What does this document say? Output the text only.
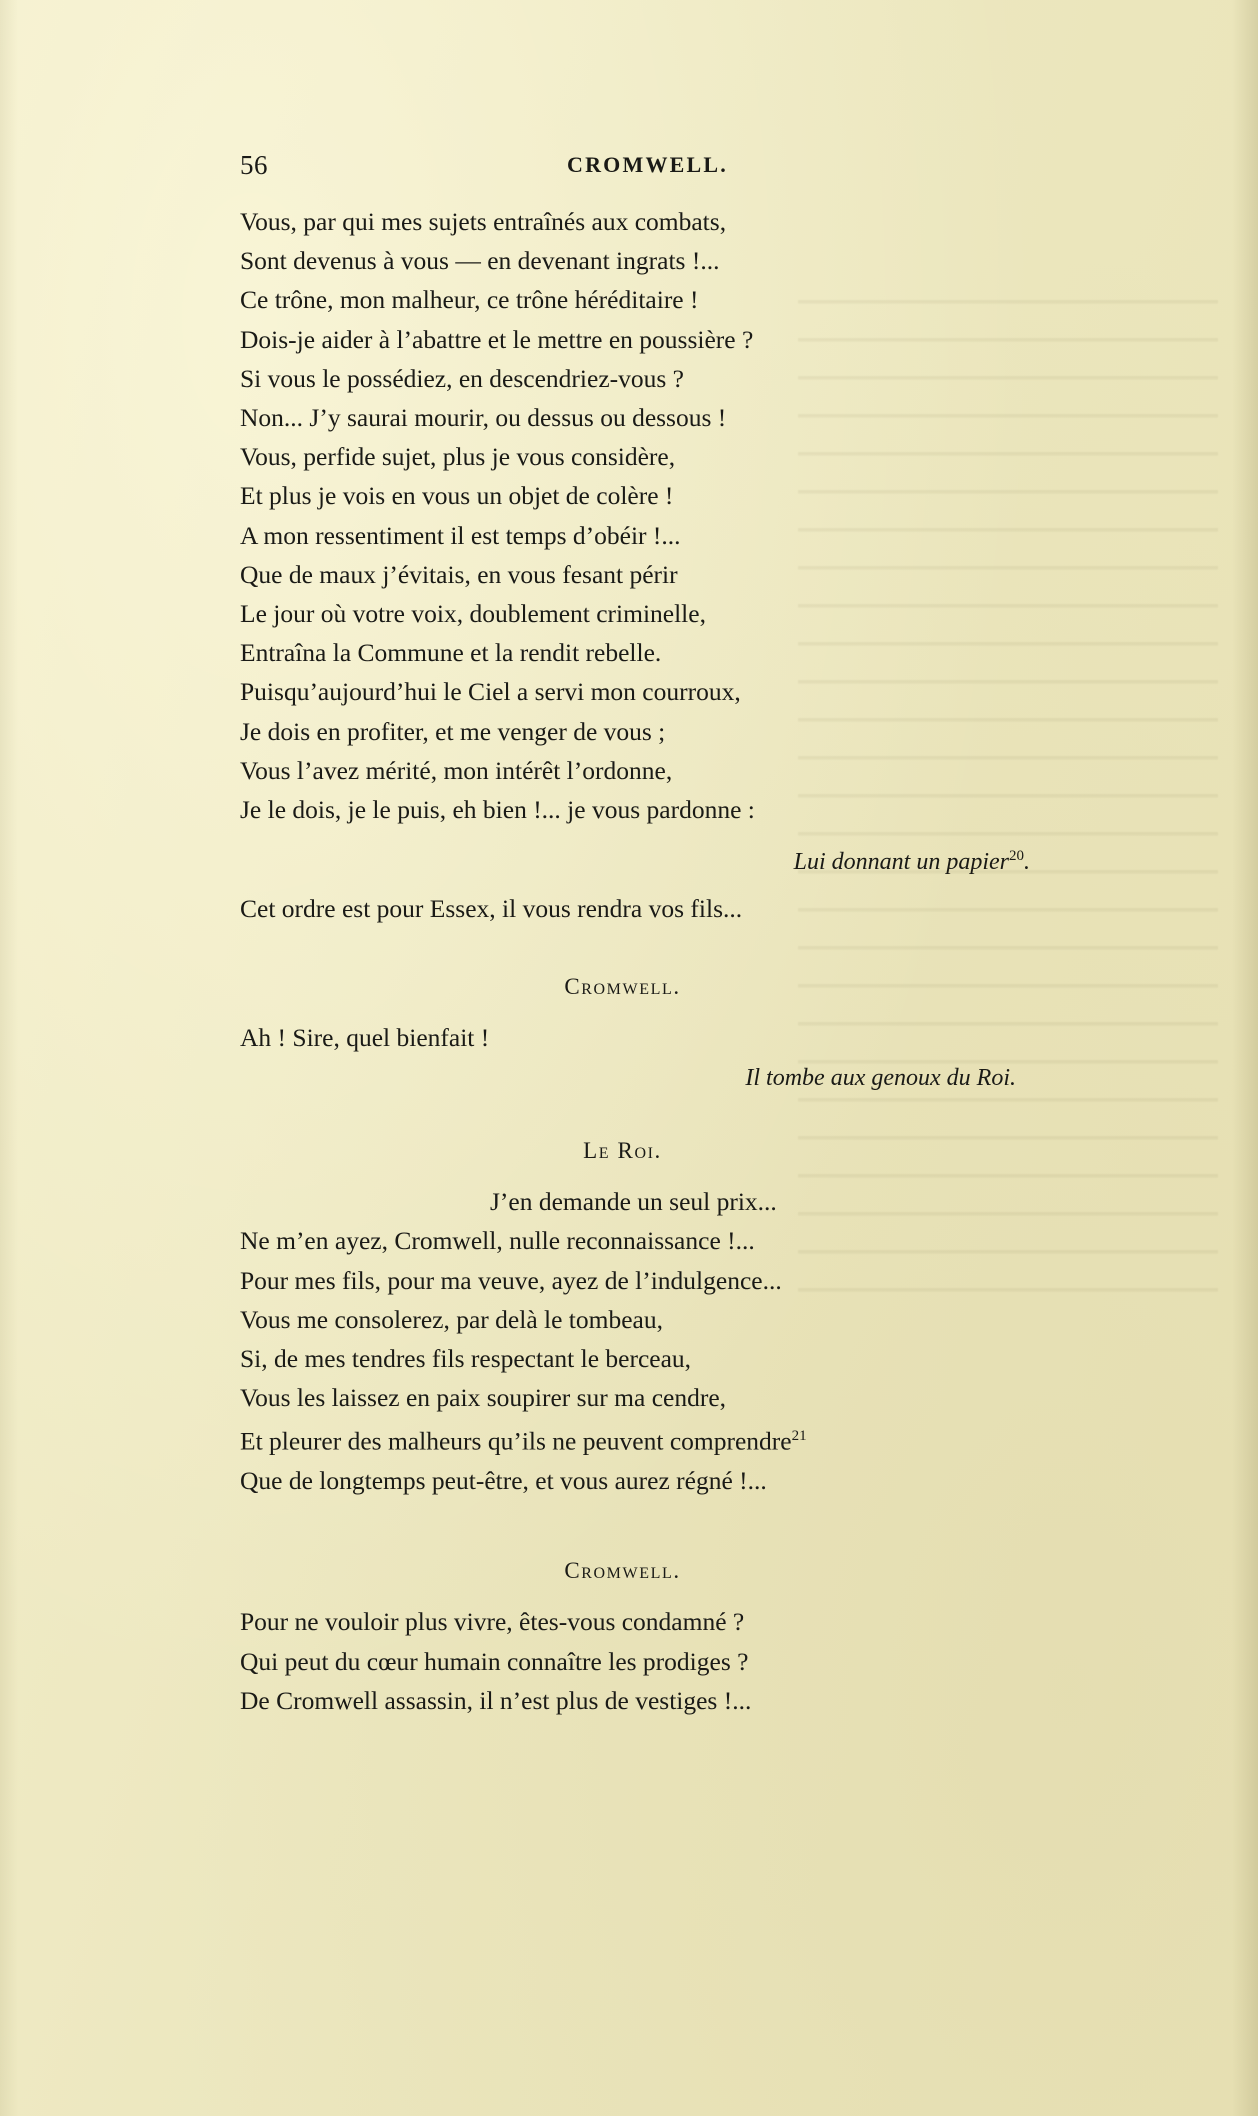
56	CROMWELL.
Vous, par qui mes sujets entraînés aux combats,
Sont devenus à vous — en devenant ingrats !...
Ce trône, mon malheur, ce trône héréditaire !
Dois-je aider à l’abattre et le mettre en poussière ?
Si vous le possédiez, en descendriez-vous ?
Non... J’y saurai mourir, ou dessus ou dessous !
Vous, perfide sujet, plus je vous considère,
Et plus je vois en vous un objet de colère !
A mon ressentiment il est temps d’obéir !...
Que de maux j’évitais, en vous fesant périr
Le jour où votre voix, doublement criminelle,
Entraîna la Commune et la rendit rebelle.
Puisqu’aujourd’hui le Ciel a servi mon courroux,
Je dois en profiter, et me venger de vous ;
Vous l’avez mérité, mon intérêt l’ordonne,
Je le dois, je le puis, eh bien !... je vous pardonne :
Lui donnant un papier$^{20}$.
Cet ordre est pour Essex, il vous rendra vos fils...
Cromwell.
Ah ! Sire, quel bienfait !
Il tombe aux genoux du Roi.
Le Roi.
J’en demande un seul prix...
Ne m’en ayez, Cromwell, nulle reconnaissance !...
Pour mes fils, pour ma veuve, ayez de l’indulgence...
Vous me consolerez, par delà le tombeau,
Si, de mes tendres fils respectant le berceau,
Vous les laissez en paix soupirer sur ma cendre,
Et pleurer des malheurs qu’ils ne peuvent comprendre$^{21}$
Que de longtemps peut-être, et vous aurez régné !...
Cromwell.
Pour ne vouloir plus vivre, êtes-vous condamné ?
Qui peut du cœur humain connaître les prodiges ?
De Cromwell assassin, il n’est plus de vestiges !...
